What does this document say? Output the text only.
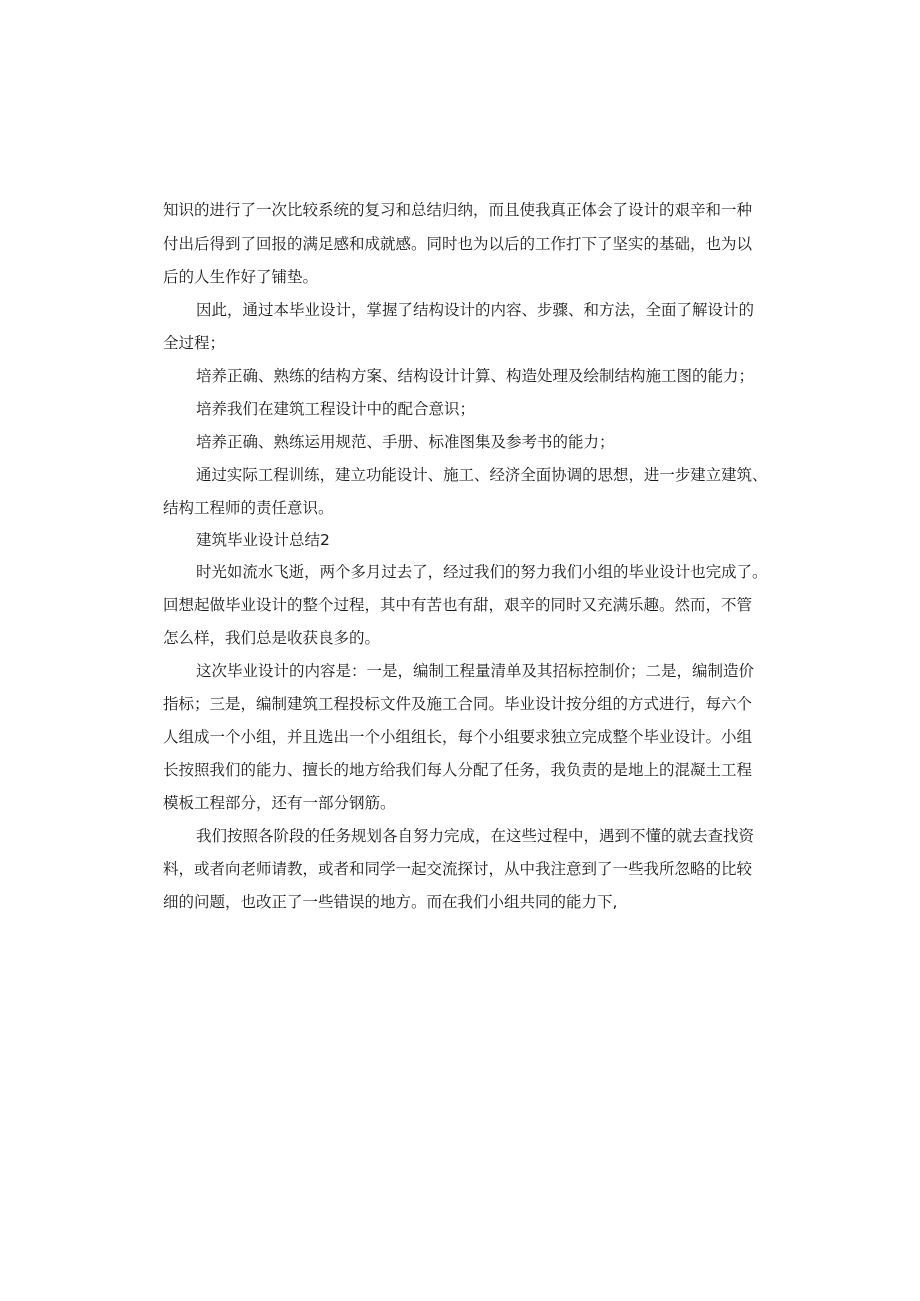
知识的进行了一次比较系统的复习和总结归纳，而且使我真正体会了设计的艰辛和一种
付出后得到了回报的满足感和成就感。同时也为以后的工作打下了坚实的基础，也为以
后的人生作好了铺垫。
因此，通过本毕业设计，掌握了结构设计的内容、步骤、和方法，全面了解设计的
全过程；
培养正确、熟练的结构方案、结构设计计算、构造处理及绘制结构施工图的能力；
培养我们在建筑工程设计中的配合意识；
培养正确、熟练运用规范、手册、标准图集及参考书的能力；
通过实际工程训练，建立功能设计、施工、经济全面协调的思想，进一步建立建筑、
结构工程师的责任意识。
建筑毕业设计总结2
时光如流水飞逝，两个多月过去了，经过我们的努力我们小组的毕业设计也完成了。
回想起做毕业设计的整个过程，其中有苦也有甜，艰辛的同时又充满乐趣。然而，不管
怎么样，我们总是收获良多的。
这次毕业设计的内容是：一是，编制工程量清单及其招标控制价；二是，编制造价
指标；三是，编制建筑工程投标文件及施工合同。毕业设计按分组的方式进行，每六个
人组成一个小组，并且选出一个小组组长，每个小组要求独立完成整个毕业设计。小组
长按照我们的能力、擅长的地方给我们每人分配了任务，我负责的是地上的混凝土工程
模板工程部分，还有一部分钢筋。
我们按照各阶段的任务规划各自努力完成，在这些过程中，遇到不懂的就去查找资
料，或者向老师请教，或者和同学一起交流探讨，从中我注意到了一些我所忽略的比较
细的问题，也改正了一些错误的地方。而在我们小组共同的能力下,
